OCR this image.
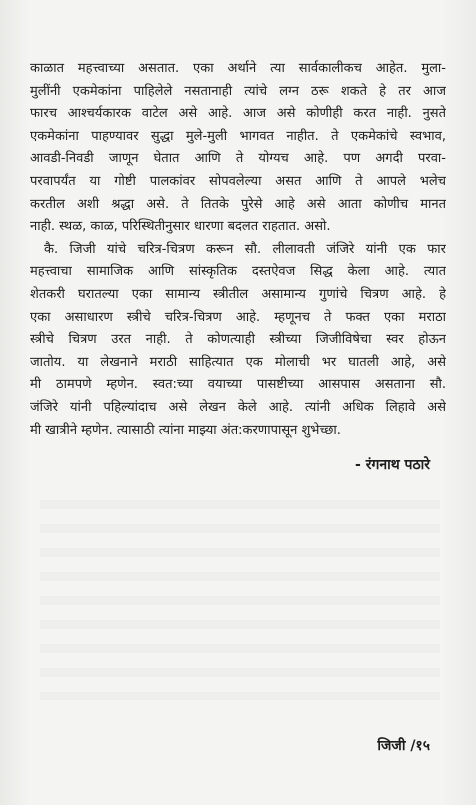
काळात महत्त्वाच्या असतात. एका अर्थाने त्या सार्वकालीकच आहेत. मुला-
मुलींनी एकमेकांना पाहिलेले नसतानाही त्यांचे लग्न ठरू शकते हे तर आज
फारच आश्चर्यकारक वाटेल असे आहे. आज असे कोणीही करत नाही. नुसते
एकमेकांना पाहण्यावर सुद्धा मुले-मुली भागवत नाहीत. ते एकमेकांचे स्वभाव,
आवडी-निवडी जाणून घेतात आणि ते योग्यच आहे. पण अगदी परवा-
परवापर्यंत या गोष्टी पालकांवर सोपवलेल्या असत आणि ते आपले भलेच
करतील अशी श्रद्धा असे. ते तितके पुरेसे आहे असे आता कोणीच मानत
नाही. स्थळ, काळ, परिस्थितीनुसार धारणा बदलत राहतात. असो.
कै. जिजी यांचे चरित्र-चित्रण करून सौ. लीलावती जंजिरे यांनी एक फार
महत्त्वाचा सामाजिक आणि सांस्कृतिक दस्तऐवज सिद्ध केला आहे. त्यात
शेतकरी घरातल्या एका सामान्य स्त्रीतील असामान्य गुणांचे चित्रण आहे. हे
एका असाधारण स्त्रीचे चरित्र-चित्रण आहे. म्हणूनच ते फक्त एका मराठा
स्त्रीचे चित्रण उरत नाही. ते कोणत्याही स्त्रीच्या जिजीविषेचा स्वर होऊन
जातोय. या लेखनाने मराठी साहित्यात एक मोलाची भर घातली आहे, असे
मी ठामपणे म्हणेन. स्वत:च्या वयाच्या पासष्टीच्या आसपास असताना सौ.
जंजिरे यांनी पहिल्यांदाच असे लेखन केले आहे. त्यांनी अधिक लिहावे असे
मी खात्रीने म्हणेन. त्यासाठी त्यांना माझ्या अंत:करणापासून शुभेच्छा.
- रंगनाथ पठारे
जिजी /१५
